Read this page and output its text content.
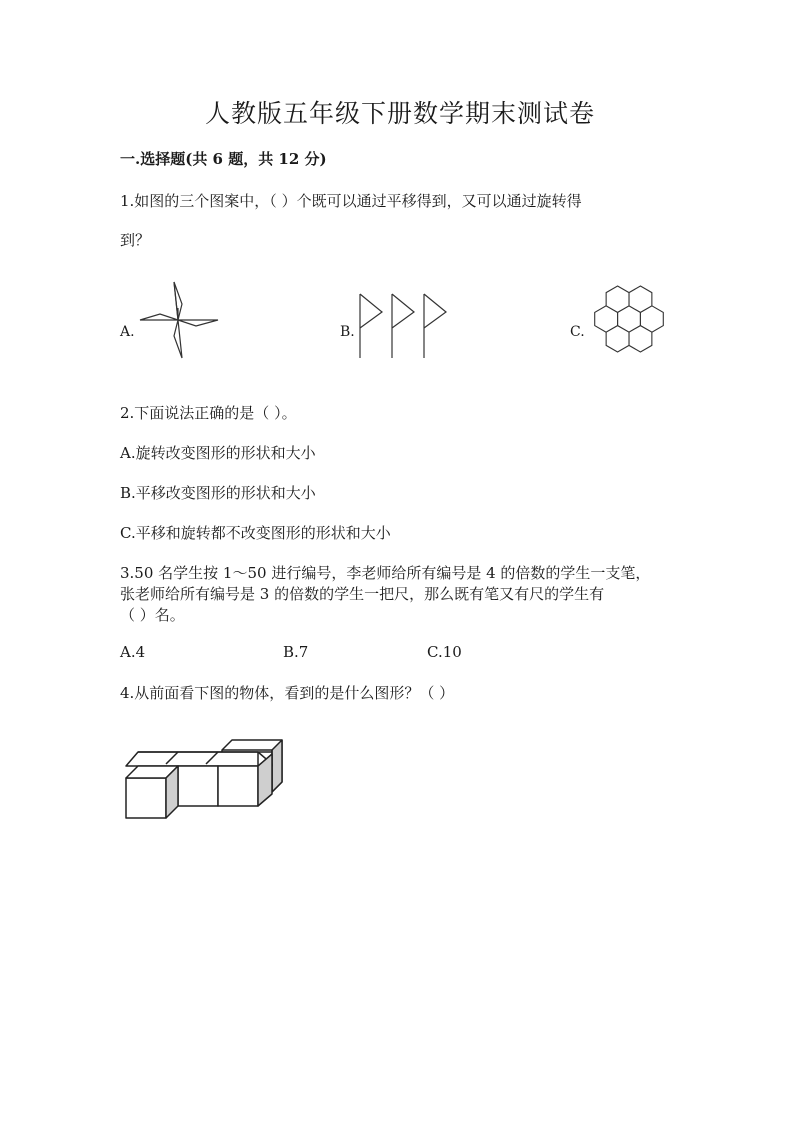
人教版五年级下册数学期末测试卷
一.选择题(共 6 题，共 12 分)
1.如图的三个图案中，（ ）个既可以通过平移得到，又可以通过旋转得
到？
A.	B.	C.
2.下面说法正确的是（ ）。
A.旋转改变图形的形状和大小
B.平移改变图形的形状和大小
C.平移和旋转都不改变图形的形状和大小
3.50 名学生按 1～50 进行编号，李老师给所有编号是 4 的倍数的学生一支笔，
张老师给所有编号是 3 的倍数的学生一把尺，那么既有笔又有尺的学生有
（ ）名。
A.4	B.7	C.10
4.从前面看下图的物体，看到的是什么图形？（ ）
